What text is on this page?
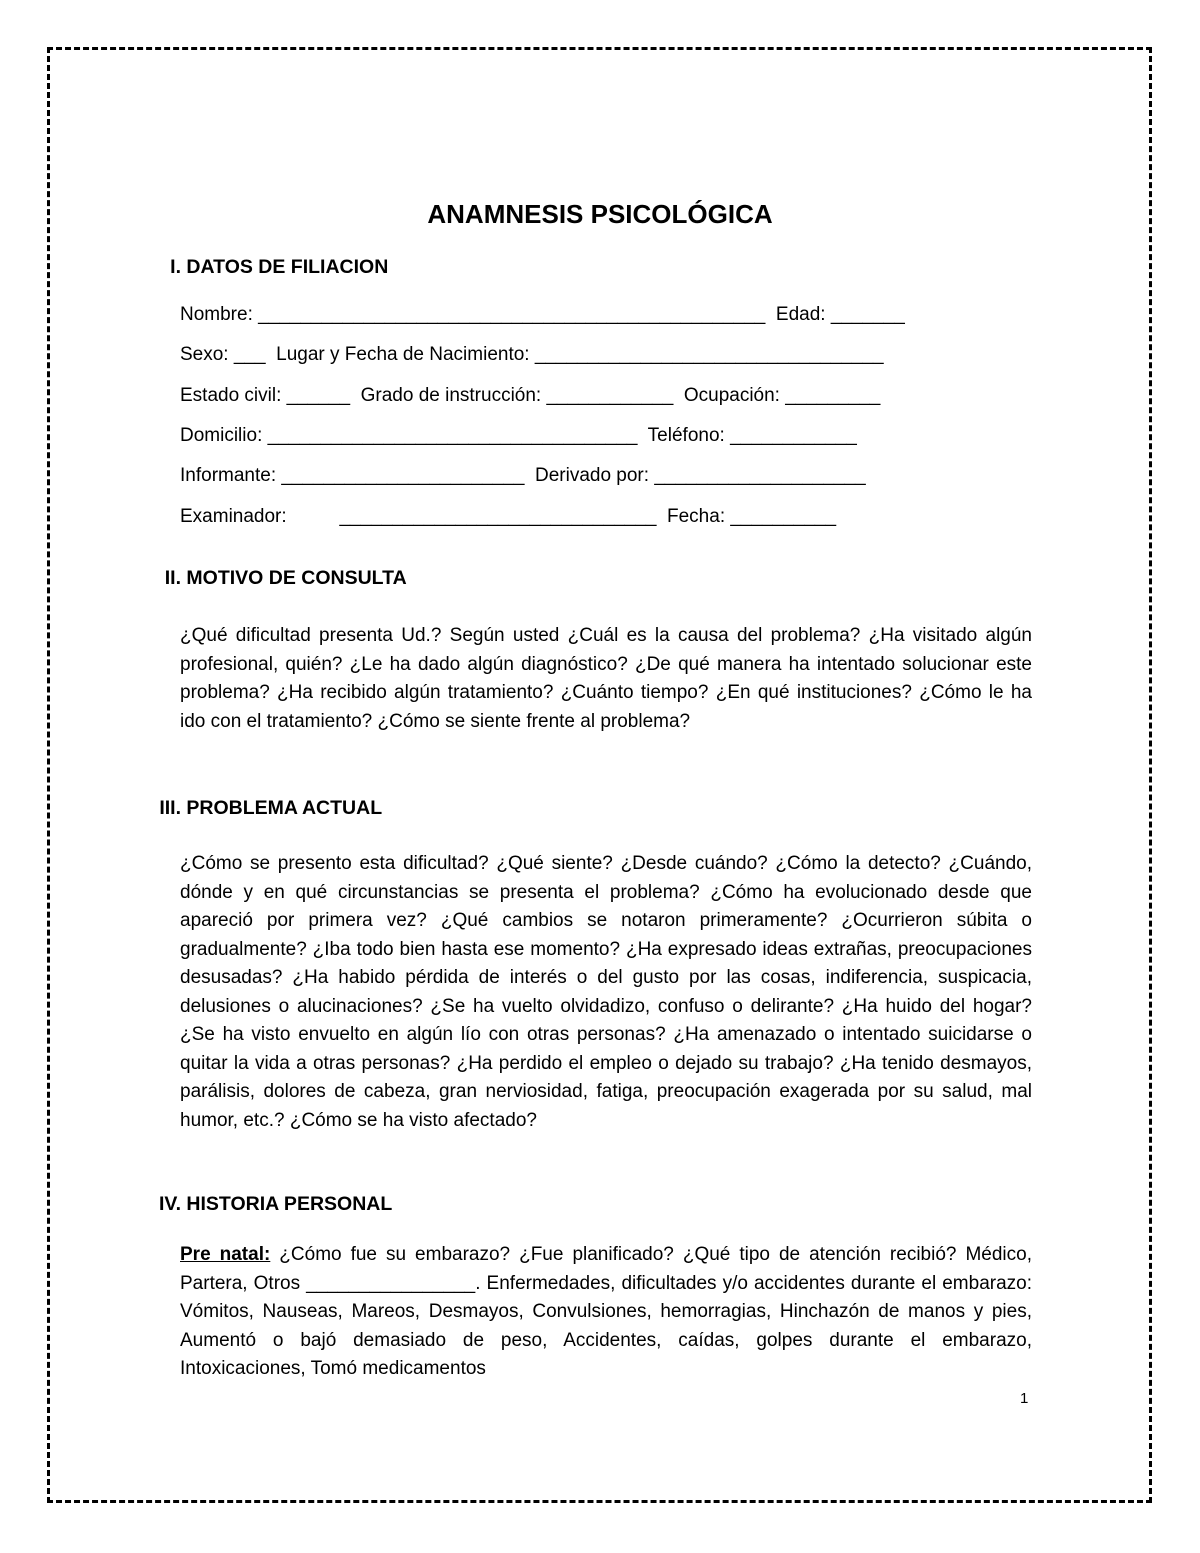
ANAMNESIS PSICOLÓGICA
I. DATOS DE FILIACION
Nombre: ________________________________________________  Edad: _______
Sexo: ___  Lugar y Fecha de Nacimiento: _________________________________
Estado civil: ______  Grado de instrucción: ____________  Ocupación: _________
Domicilio: ___________________________________  Teléfono: ____________
Informante: _______________________  Derivado por: ____________________
Examinador:          ______________________________  Fecha: __________
II. MOTIVO DE CONSULTA
¿Qué dificultad presenta Ud.? Según usted ¿Cuál es la causa del problema? ¿Ha visitado algún profesional, quién? ¿Le ha dado algún diagnóstico? ¿De qué manera ha intentado solucionar este problema? ¿Ha recibido algún tratamiento? ¿Cuánto tiempo? ¿En qué instituciones? ¿Cómo le ha ido con el tratamiento? ¿Cómo se siente frente al problema?
III. PROBLEMA ACTUAL
¿Cómo se presento esta dificultad? ¿Qué siente? ¿Desde cuándo? ¿Cómo la detecto? ¿Cuándo, dónde y en qué circunstancias se presenta el problema? ¿Cómo ha evolucionado desde que apareció por primera vez? ¿Qué cambios se notaron primeramente? ¿Ocurrieron súbita o gradualmente? ¿Iba todo bien hasta ese momento? ¿Ha expresado ideas extrañas, preocupaciones desusadas? ¿Ha habido pérdida de interés o del gusto por las cosas, indiferencia, suspicacia, delusiones o alucinaciones? ¿Se ha vuelto olvidadizo, confuso o delirante? ¿Ha huido del hogar? ¿Se ha visto envuelto en algún lío con otras personas? ¿Ha amenazado o intentado suicidarse o quitar la vida a otras personas? ¿Ha perdido el empleo o dejado su trabajo? ¿Ha tenido desmayos, parálisis, dolores de cabeza, gran nerviosidad, fatiga, preocupación exagerada por su salud, mal humor, etc.? ¿Cómo se ha visto afectado?
IV. HISTORIA PERSONAL
Pre natal: ¿Cómo fue su embarazo? ¿Fue planificado? ¿Qué tipo de atención recibió? Médico, Partera, Otros ________________. Enfermedades, dificultades y/o accidentes durante el embarazo: Vómitos, Nauseas, Mareos, Desmayos, Convulsiones, hemorragias, Hinchazón de manos y pies, Aumentó o bajó demasiado de peso, Accidentes, caídas, golpes durante el embarazo, Intoxicaciones, Tomó medicamentos
1
